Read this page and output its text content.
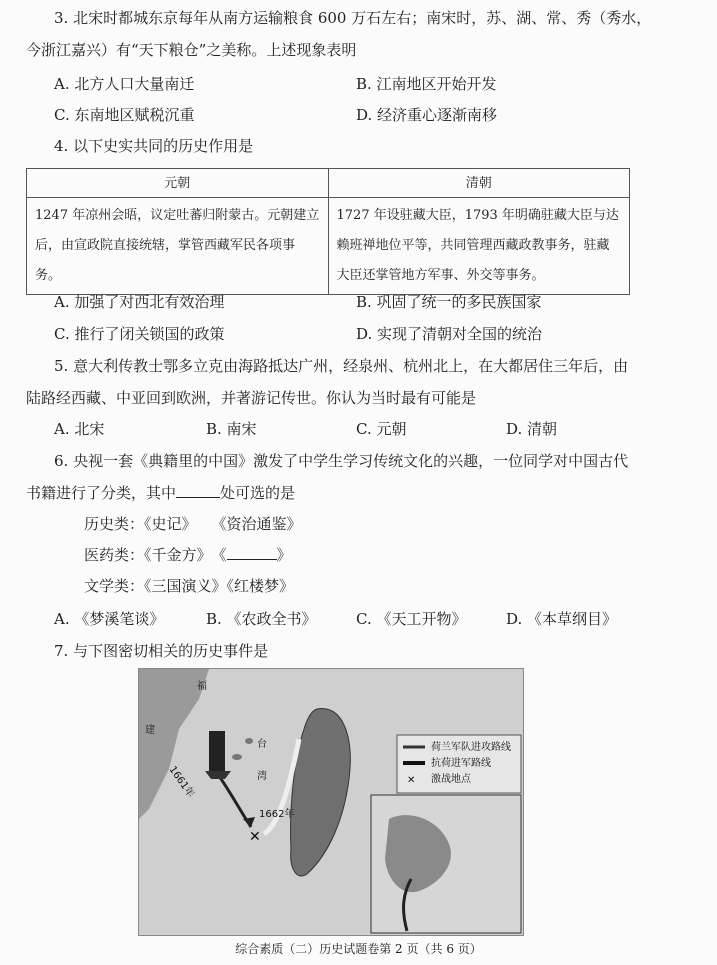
3. 北宋时都城东京每年从南方运输粮食 600 万石左右；南宋时，苏、湖、常、秀（秀水，
今浙江嘉兴）有“天下粮仓”之美称。上述现象表明
A. 北方人口大量南迁	B. 江南地区开始开发
C. 东南地区赋税沉重	D. 经济重心逐渐南移
4. 以下史实共同的历史作用是
元朝	清朝
1247 年凉州会晤，议定吐蕃归附蒙古。元朝建立后，由宣政院直接统辖，掌管西藏军民各项事务。	1727 年设驻藏大臣，1793 年明确驻藏大臣与达赖班禅地位平等，共同管理西藏政教事务，驻藏大臣还掌管地方军事、外交等事务。
A. 加强了对西北有效治理	B. 巩固了统一的多民族国家
C. 推行了闭关锁国的政策	D. 实现了清朝对全国的统治
5. 意大利传教士鄂多立克由海路抵达广州，经泉州、杭州北上，在大都居住三年后，由
陆路经西藏、中亚回到欧洲，并著游记传世。你认为当时最有可能是
A. 北宋	B. 南宋	C. 元朝	D. 清朝
6. 央视一套《典籍里的中国》激发了中学生学习传统文化的兴趣，一位同学对中国古代
书籍进行了分类，其中	处可选的是
历史类：《史记》　　《资治通鉴》
医药类：《千金方》　《	》
文学类：《三国演义》《红楼梦》
A. 《梦溪笔谈》	B. 《农政全书》	C. 《天工开物》	D. 《本草纲目》
7. 与下图密切相关的历史事件是
✕
福
建
台
湾
1661年
1662年
荷兰军队进攻路线
抗荷进军路线
✕ 激战地点
综合素质（二）历史试题卷第 2 页（共 6 页）
